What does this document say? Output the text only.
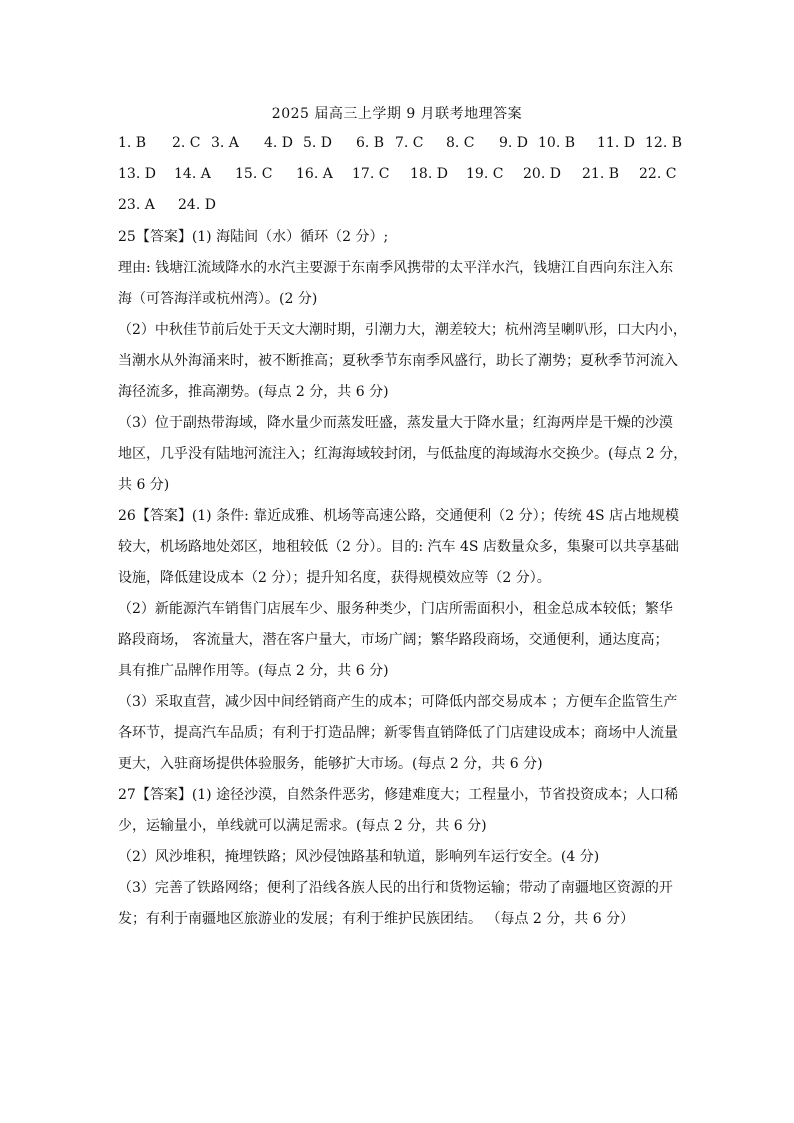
2025 届高三上学期 9 月联考地理答案
1. B 2. C 3. A 4. D 5. D 6. B 7. C 8. C 9. D 10. B 11. D 12. B
13. D 14. A 15. C 16. A 17. C 18. D 19. C 20. D 21. B 22. C
23. A 24. D
25【答案】(1) 海陆间（水）循环（2 分）;
理由: 钱塘江流域降水的水汽主要源于东南季风携带的太平洋水汽，钱塘江自西向东注入东
海（可答海洋或杭州湾）。(2 分)
（2）中秋佳节前后处于天文大潮时期，引潮力大，潮差较大；杭州湾呈喇叭形，口大内小，
当潮水从外海涌来时，被不断推高；夏秋季节东南季风盛行，助长了潮势；夏秋季节河流入
海径流多，推高潮势。(每点 2 分，共 6 分)
（3）位于副热带海域，降水量少而蒸发旺盛，蒸发量大于降水量；红海两岸是干燥的沙漠
地区，几乎没有陆地河流注入；红海海域较封闭，与低盐度的海域海水交换少。(每点 2 分，
共 6 分)
26【答案】(1) 条件: 靠近成雅、机场等高速公路，交通便利（2 分）；传统 4S 店占地规模
较大，机场路地处郊区，地租较低（2 分）。目的: 汽车 4S 店数量众多，集聚可以共享基础
设施，降低建设成本（2 分）；提升知名度，获得规模效应等（2 分）。
（2）新能源汽车销售门店展车少、服务种类少，门店所需面积小，租金总成本较低；繁华
路段商场， 客流量大，潜在客户量大，市场广阔；繁华路段商场，交通便利，通达度高；
具有推广品牌作用等。(每点 2 分，共 6 分)
（3）采取直营，减少因中间经销商产生的成本；可降低内部交易成本 ；方便车企监管生产
各环节，提高汽车品质；有利于打造品牌；新零售直销降低了门店建设成本；商场中人流量
更大，入驻商场提供体验服务，能够扩大市场。(每点 2 分，共 6 分)
27【答案】(1) 途径沙漠，自然条件恶劣，修建难度大；工程量小，节省投资成本；人口稀
少，运输量小，单线就可以满足需求。(每点 2 分，共 6 分)
（2）风沙堆积，掩埋铁路；风沙侵蚀路基和轨道，影响列车运行安全。(4 分)
（3）完善了铁路网络；便利了沿线各族人民的出行和货物运输；带动了南疆地区资源的开
发；有利于南疆地区旅游业的发展；有利于维护民族团结。 （每点 2 分，共 6 分）
